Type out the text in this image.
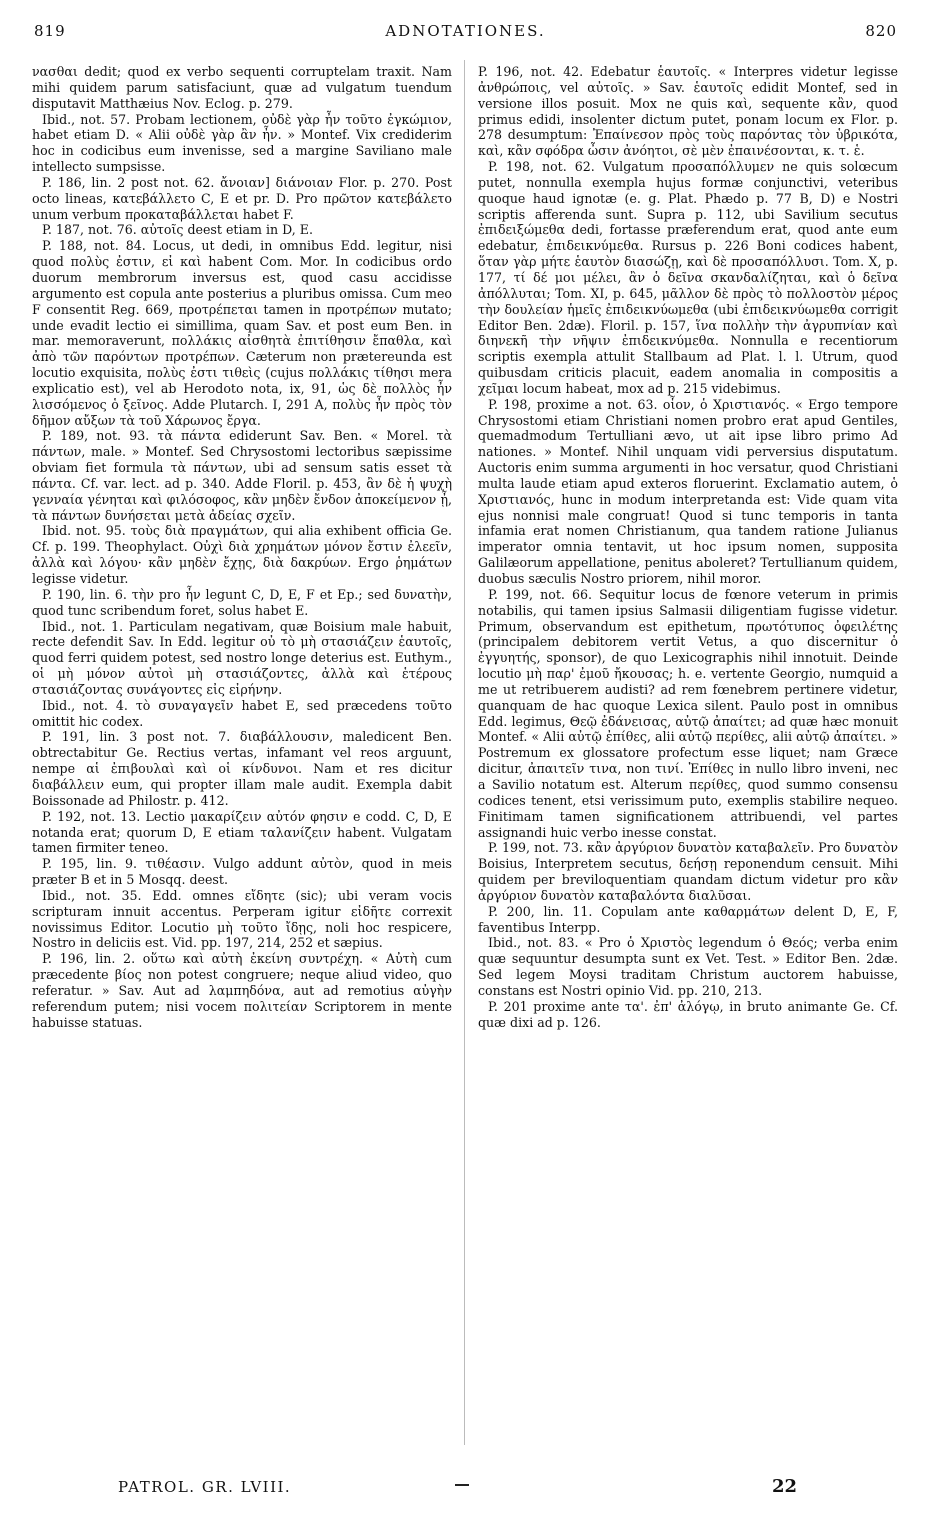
819	ADNOTATIONES.	820

νασθαι dedit; quod ex verbo sequenti corruptelam traxit. Nam mihi quidem parum satisfaciunt, quæ ad vulgatum tuendum disputavit Matthæius Nov. Eclog. p. 279.

Ibid., not. 57. Probam lectionem, οὐδὲ γὰρ ἦν τοῦτο ἐγκώμιον, habet etiam D. « Alii οὐδὲ γὰρ ἂν ἦν. » Montef. Vix crediderim hoc in codicibus eum invenisse, sed a margine Saviliano male intellecto sumpsisse.

P. 186, lin. 2 post not. 62. ἄνοιαν] διάνοιαν Flor. p. 270. Post octo lineas, κατεβάλλετο C, E et pr. D. Pro πρῶτον κατεβάλετο unum verbum προκαταβάλλεται habet F.

P. 187, not. 76. αὐτοῖς deest etiam in D, E.

P. 188, not. 84. Locus, ut dedi, in omnibus Edd. legitur, nisi quod πολὺς ἐστιν, εἰ καὶ habent Com. Mor. In codicibus ordo duorum membrorum inversus est, quod casu accidisse argumento est copula ante posterius a pluribus omissa. Cum meo F consentit Reg. 669, προτρέπεται tamen in προτρέπων mutato; unde evadit lectio ei simillima, quam Sav. et post eum Ben. in mar. memoraverunt, πολλάκις αἰσθητὰ ἐπιτίθησιν ἔπαθλα, καὶ ἀπὸ τῶν παρόντων προτρέπων. Cæterum non prætereunda est locutio exquisita, πολὺς ἐστι τιθεὶς (cujus πολλάκις τίθησι mera explicatio est), vel ab Herodoto nota, ix, 91, ὡς δὲ πολλὸς ἦν λισσόμενος ὁ ξεῖνος. Adde Plutarch. I, 291 A, πολὺς ἦν πρὸς τὸν δῆμον αὔξων τὰ τοῦ Χάρωνος ἔργα.

P. 189, not. 93. τὰ πάντα ediderunt Sav. Ben. « Morel. τὰ πάντων, male. » Montef. Sed Chrysostomi lectoribus sæpissime obviam fiet formula τὰ πάντων, ubi ad sensum satis esset τὰ πάντα. Cf. var. lect. ad p. 340. Adde Floril. p. 453, ἂν δὲ ἡ ψυχὴ γενναία γένηται καὶ φιλόσοφος, κἂν μηδὲν ἔνδον ἀποκείμενον ᾖ, τὰ πάντων δυνήσεται μετὰ ἀδείας σχεῖν.

Ibid. not. 95. τοὺς διὰ πραγμάτων, qui alia exhibent officia Ge. Cf. p. 199. Theophylact. Οὐχὶ διὰ χρημάτων μόνον ἔστιν ἐλεεῖν, ἀλλὰ καὶ λόγου· κἂν μηδὲν ἔχῃς, διὰ δακρύων. Ergo ῥημάτων legisse videtur.

P. 190, lin. 6. τὴν pro ἦν legunt C, D, E, F et Ep.; sed δυνατὴν, quod tunc scribendum foret, solus habet E.

Ibid., not. 1. Particulam negativam, quæ Boisium male habuit, recte defendit Sav. In Edd. legitur οὐ τὸ μὴ στασιάζειν ἑαυτοῖς, quod ferri quidem potest, sed nostro longe deterius est. Euthym., οἱ μὴ μόνον αὐτοὶ μὴ στασιάζοντες, ἀλλὰ καὶ ἑτέρους στασιάζοντας συνάγοντες εἰς εἰρήνην.

Ibid., not. 4. τὸ συναγαγεῖν habet E, sed præcedens τοῦτο omittit hic codex.

P. 191, lin. 3 post not. 7. διαβάλλουσιν, maledicent Ben. obtrectabitur Ge. Rectius vertas, infamant vel reos arguunt, nempe αἱ ἐπιβουλαὶ καὶ οἱ κίνδυνοι. Nam et res dicitur διαβάλλειν eum, qui propter illam male audit. Exempla dabit Boissonade ad Philostr. p. 412.

P. 192, not. 13. Lectio μακαρίζειν αὐτόν φησιν e codd. C, D, E notanda erat; quorum D, E etiam ταλανίζειν habent. Vulgatam tamen firmiter teneo.

P. 195, lin. 9. τιθέασιν. Vulgo addunt αὐτὸν, quod in meis præter B et in 5 Mosqq. deest.

Ibid., not. 35. Edd. omnes εἴδητε (sic); ubi veram vocis scripturam innuit accentus. Perperam igitur εἰδῆτε correxit novissimus Editor. Locutio μὴ τοῦτο ἴδῃς, noli hoc respicere, Nostro in deliciis est. Vid. pp. 197, 214, 252 et sæpius.

P. 196, lin. 2. οὕτω καὶ αὐτὴ ἐκείνη συντρέχη. « Αὐτὴ cum præcedente βίος non potest congruere; neque aliud video, quo referatur. » Sav. Aut ad λαμπηδόνα, aut ad remotius αὐγὴν referendum putem; nisi vocem πολιτείαν Scriptorem in mente habuisse statuas.

P. 196, not. 42. Edebatur ἑαυτοῖς. « Interpres videtur legisse ἀνθρώποις, vel αὐτοῖς. » Sav. ἑαυτοῖς edidit Montef, sed in versione illos posuit. Mox ne quis καὶ, sequente κἂν, quod primus edidi, insolenter dictum putet, ponam locum ex Flor. p. 278 desumptum: Ἐπαίνεσον πρὸς τοὺς παρόντας τὸν ὑβρικότα, καὶ, κἂν σφόδρα ὦσιν ἀνόητοι, σὲ μὲν ἐπαινέσονται, κ. τ. ἑ.

P. 198, not. 62. Vulgatum προσαπόλλυμεν ne quis solœcum putet, nonnulla exempla hujus formæ conjunctivi, veteribus quoque haud ignotæ (e. g. Plat. Phædo p. 77 B, D) e Nostri scriptis afferenda sunt. Supra p. 112, ubi Savilium secutus ἐπιδειξώμεθα dedi, fortasse præferendum erat, quod ante eum edebatur, ἐπιδεικνύμεθα. Rursus p. 226 Boni codices habent, ὅταν γὰρ μήτε ἑαυτὸν διασώζῃ, καὶ δὲ προσαπόλλυσι. Tom. X, p. 177, τί δέ μοι μέλει, ἂν ὁ δεῖνα σκανδαλίζηται, καὶ ὁ δεῖνα ἀπόλλυται; Tom. XI, p. 645, μᾶλλον δὲ πρὸς τὸ πολλοστὸν μέρος τὴν δουλείαν ἡμεῖς ἐπιδεικνύωμεθα (ubi ἐπιδεικνύωμεθα corrigit Editor Ben. 2dæ). Floril. p. 157, ἵνα πολλὴν τὴν ἀγρυπνίαν καὶ διηνεκῆ τὴν νῆψιν ἐπιδεικνύμεθα. Nonnulla e recentiorum scriptis exempla attulit Stallbaum ad Plat. l. l. Utrum, quod quibusdam criticis placuit, eadem anomalia in compositis a χεῖμαι locum habeat, mox ad p. 215 videbimus.

P. 198, proxime a not. 63. οἷον, ὁ Χριστιανός. « Ergo tempore Chrysostomi etiam Christiani nomen probro erat apud Gentiles, quemadmodum Tertulliani ævo, ut ait ipse libro primo Ad nationes. » Montef. Nihil unquam vidi perversius disputatum. Auctoris enim summa argumenti in hoc versatur, quod Christiani multa laude etiam apud exteros floruerint. Exclamatio autem, ὁ Χριστιανός, hunc in modum interpretanda est: Vide quam vita ejus nonnisi male congruat! Quod si tunc temporis in tanta infamia erat nomen Christianum, qua tandem ratione Julianus imperator omnia tentavit, ut hoc ipsum nomen, supposita Galilæorum appellatione, penitus aboleret? Tertullianum quidem, duobus sæculis Nostro priorem, nihil moror.

P. 199, not. 66. Sequitur locus de fœnore veterum in primis notabilis, qui tamen ipsius Salmasii diligentiam fugisse videtur. Primum, observandum est epithetum, πρωτότυπος ὀφειλέτης (principalem debitorem vertit Vetus, a quo discernitur ὁ ἐγγυητής, sponsor), de quo Lexicographis nihil innotuit. Deinde locutio μὴ παρ' ἐμοῦ ἤκουσας; h. e. vertente Georgio, numquid a me ut retribuerem audisti? ad rem fœnebrem pertinere videtur, quanquam de hac quoque Lexica silent. Paulo post in omnibus Edd. legimus, Θεῷ ἐδάνεισας, αὐτῷ ἀπαίτει; ad quæ hæc monuit Montef. « Alii αὐτῷ ἐπίθες, alii αὐτῷ περίθες, alii αὐτῷ ἀπαίτει. » Postremum ex glossatore profectum esse liquet; nam Græce dicitur, ἀπαιτεῖν τινα, non τινί. Ἐπίθες in nullo libro inveni, nec a Savilio notatum est. Alterum περίθες, quod summo consensu codices tenent, etsi verissimum puto, exemplis stabilire nequeo. Finitimam tamen significationem attribuendi, vel partes assignandi huic verbo inesse constat.

P. 199, not. 73. κἂν ἀργύριον δυνατὸν καταβαλεῖν. Pro δυνατὸν Boisius, Interpretem secutus, δεήσῃ reponendum censuit. Mihi quidem per breviloquentiam quandam dictum videtur pro κἂν ἀργύριον δυνατὸν καταβαλόντα διαλῦσαι.

P. 200, lin. 11. Copulam ante καθαρμάτων delent D, E, F, faventibus Interpp.

Ibid., not. 83. « Pro ὁ Χριστὸς legendum ὁ Θεός; verba enim quæ sequuntur desumpta sunt ex Vet. Test. » Editor Ben. 2dæ. Sed legem Moysi traditam Christum auctorem habuisse, constans est Nostri opinio Vid. pp. 210, 213.

P. 201 proxime ante τα'. ἐπ' ἀλόγῳ, in bruto animante Ge. Cf. quæ dixi ad p. 126.

PATROL. GR. LVIII.	22
